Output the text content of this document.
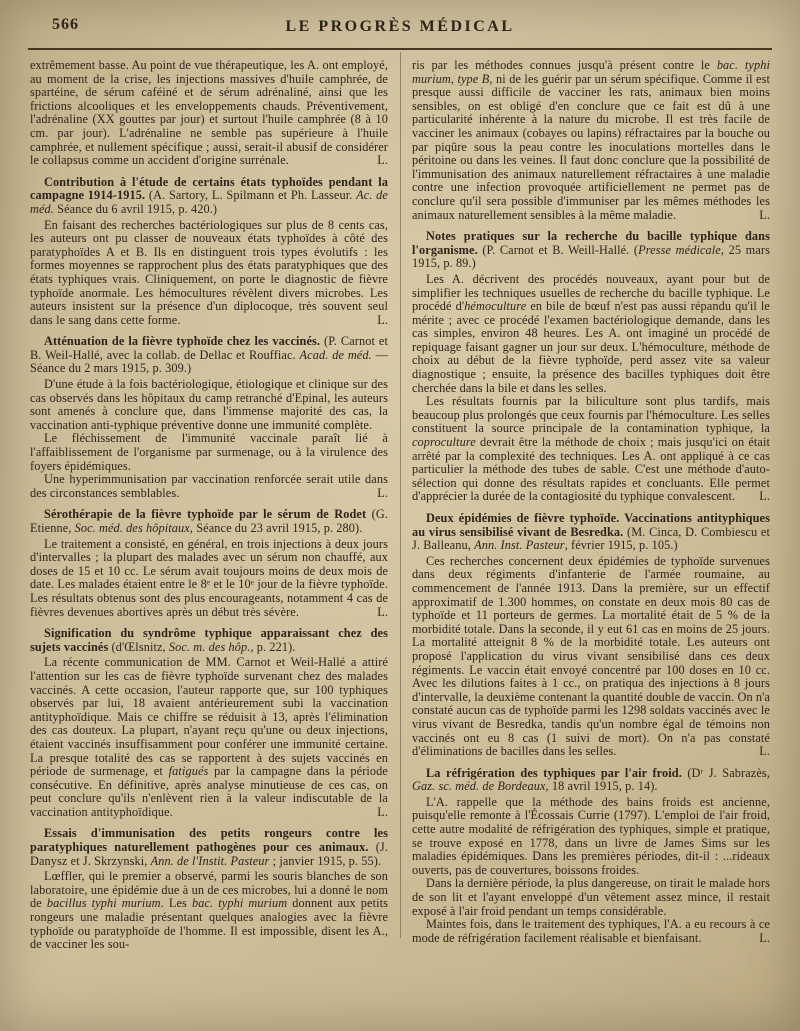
566	LE PROGRÈS MÉDICAL

extrêmement basse. Au point de vue thérapeutique, les A. ont employé, au moment de la crise, les injections massives d'huile camphrée, de spartéine, de sérum caféiné et de sérum adrénaliné, ainsi que les frictions alcooliques et les enveloppements chauds. Préventivement, l'adrénaline (XX gouttes par jour) et surtout l'huile camphrée (8 à 10 cm. par jour). L'adrénaline ne semble pas supérieure à l'huile camphrée, et nullement spécifique ; aussi, serait-il abusif de considérer le collapsus comme un accident d'origine surrénale.	L.

Contribution à l'étude de certains états typhoïdes pendant la campagne 1914-1915. (A. Sartory, L. Spilmann et Ph. Lasseur. Ac. de méd. Séance du 6 avril 1915, p. 420.)

En faisant des recherches bactériologiques sur plus de 8 cents cas, les auteurs ont pu classer de nouveaux états typhoïdes à côté des paratyphoïdes A et B. Ils en distinguent trois types évolutifs : les formes moyennes se rapprochent plus des états paratyphiques que des états typhiques vrais. Cliniquement, on porte le diagnostic de fièvre typhoïde anormale. Les hémocultures révèlent divers microbes. Les auteurs insistent sur la présence d'un diplocoque, très souvent seul dans le sang dans cette forme.	L.

Atténuation de la fièvre typhoïde chez les vaccinés. (P. Carnot et B. Weil-Hallé, avec la collab. de Dellac et Rouffiac. Acad. de méd. — Séance du 2 mars 1915, p. 309.)

D'une étude à la fois bactériologique, étiologique et clinique sur des cas observés dans les hôpitaux du camp retranché d'Epinal, les auteurs sont amenés à conclure que, dans l'immense majorité des cas, la vaccination anti-typhique préventive donne une immunité complète.

Le fléchissement de l'immunité vaccinale paraît lié à l'affaiblissement de l'organisme par surmenage, ou à la virulence des foyers épidémiques.

Une hyperimmunisation par vaccination renforcée serait utile dans des circonstances semblables.	L.

Sérothérapie de la fièvre typhoïde par le sérum de Rodet (G. Etienne, Soc. méd. des hôpitaux, Séance du 23 avril 1915, p. 280).

Le traitement a consisté, en général, en trois injections à deux jours d'intervalles ; la plupart des malades avec un sérum non chauffé, aux doses de 15 et 10 cc. Le sérum avait toujours moins de deux mois de date. Les malades étaient entre le 8ᵉ et le 10ᵉ jour de la fièvre typhoïde. Les résultats obtenus sont des plus encourageants, notamment 4 cas de fièvres devenues abortives après un début très sévère.	L.

Signification du syndrôme typhique apparaissant chez des sujets vaccinés (d'Œlsnitz, Soc. m. des hôp., p. 221).

La récente communication de MM. Carnot et Weil-Hallé a attiré l'attention sur les cas de fièvre typhoïde survenant chez des malades vaccinés. A cette occasion, l'auteur rapporte que, sur 100 typhiques observés par lui, 18 avaient antérieurement subi la vaccination antityphoïdique. Mais ce chiffre se réduisit à 13, après l'élimination des cas douteux. La plupart, n'ayant reçu qu'une ou deux injections, étaient vaccinés insuffisamment pour conférer une immunité certaine. La presque totalité des cas se rapportent à des sujets vaccinés en période de surmenage, et fatigués par la campagne dans la période consécutive. En définitive, après analyse minutieuse de ces cas, on peut conclure qu'ils n'enlèvent rien à la valeur indiscutable de la vaccination antityphoïdique.	L.

Essais d'immunisation des petits rongeurs contre les paratyphiques naturellement pathogènes pour ces animaux. (J. Danysz et J. Skrzynski, Ann. de l'Instit. Pasteur ; janvier 1915, p. 55).

Lœffler, qui le premier a observé, parmi les souris blanches de son laboratoire, une épidémie due à un de ces microbes, lui a donné le nom de bacillus typhi murium. Les bac. typhi murium donnent aux petits rongeurs une maladie présentant quelques analogies avec la fièvre typhoïde ou paratyphoïde de l'homme. Il est impossible, disent les A., de vacciner les sou-

ris par les méthodes connues jusqu'à présent contre le bac. typhi murium, type B, ni de les guérir par un sérum spécifique. Comme il est presque aussi difficile de vacciner les rats, animaux bien moins sensibles, on est obligé d'en conclure que ce fait est dû à une particularité inhérente à la nature du microbe. Il est très facile de vacciner les animaux (cobayes ou lapins) réfractaires par la bouche ou par piqûre sous la peau contre les inoculations mortelles dans le péritoine ou dans les veines. Il faut donc conclure que la possibilité de l'immunisation des animaux naturellement réfractaires à une maladie contre une infection provoquée artificiellement ne permet pas de conclure qu'il sera possible d'immuniser par les mêmes méthodes les animaux naturellement sensibles à la même maladie.	L.

Notes pratiques sur la recherche du bacille typhique dans l'organisme. (P. Carnot et B. Weill-Hallé. (Presse médicale, 25 mars 1915, p. 89.)

Les A. décrivent des procédés nouveaux, ayant pour but de simplifier les techniques usuelles de recherche du bacille typhique. Le procédé d'hémoculture en bile de bœuf n'est pas aussi répandu qu'il le mérite ; avec ce procédé l'examen bactériologique demande, dans les cas simples, environ 48 heures. Les A. ont imaginé un procédé de repiquage faisant gagner un jour sur deux. L'hémoculture, méthode de choix au début de la fièvre typhoïde, perd assez vite sa valeur diagnostique ; ensuite, la présence des bacilles typhiques doit être cherchée dans la bile et dans les selles.

Les résultats fournis par la biliculture sont plus tardifs, mais beaucoup plus prolongés que ceux fournis par l'hémoculture. Les selles constituent la source principale de la contamination typhique, la coproculture devrait être la méthode de choix ; mais jusqu'ici on était arrêté par la complexité des techniques. Les A. ont appliqué à ce cas particulier la méthode des tubes de sable. C'est une méthode d'auto-sélection qui donne des résultats rapides et concluants. Elle permet d'apprécier la durée de la contagiosité du typhique convalescent.	L.

Deux épidémies de fièvre typhoïde. Vaccinations antityphiques au virus sensibilisé vivant de Besredka. (M. Cinca, D. Combiescu et J. Balleanu, Ann. Inst. Pasteur, février 1915, p. 105.)

Ces recherches concernent deux épidémies de typhoïde survenues dans deux régiments d'infanterie de l'armée roumaine, au commencement de l'année 1913. Dans la première, sur un effectif approximatif de 1.300 hommes, on constate en deux mois 80 cas de typhoïde et 11 porteurs de germes. La mortalité était de 5 % de la morbidité totale. Dans la seconde, il y eut 61 cas en moins de 25 jours. La mortalité atteignit 8 % de la morbidité totale. Les auteurs ont proposé l'application du virus vivant sensibilisé dans ces deux régiments. Le vaccin était envoyé concentré par 100 doses en 10 cc. Avec les dilutions faites à 1 cc., on pratiqua des injections à 8 jours d'intervalle, la deuxième contenant la quantité double de vaccin. On n'a constaté aucun cas de typhoïde parmi les 1298 soldats vaccinés avec le virus vivant de Besredka, tandis qu'un nombre égal de témoins non vaccinés ont eu 8 cas (1 suivi de mort). On n'a pas constaté d'éliminations de bacilles dans les selles.	L.

La réfrigération des typhiques par l'air froid. (Dʳ J. Sabrazès, Gaz. sc. méd. de Bordeaux, 18 avril 1915, p. 14).

L'A. rappelle que la méthode des bains froids est ancienne, puisqu'elle remonte à l'Écossais Currie (1797). L'emploi de l'air froid, cette autre modalité de réfrigération des typhiques, simple et pratique, se trouve exposé en 1778, dans un livre de James Sims sur les maladies épidémiques. Dans les premières périodes, dit-il : ...rideaux ouverts, pas de couvertures, boissons froides.

Dans la dernière période, la plus dangereuse, on tirait le malade hors de son lit et l'ayant enveloppé d'un vêtement assez mince, il restait exposé à l'air froid pendant un temps considérable.

Maintes fois, dans le traitement des typhiques, l'A. a eu recours à ce mode de réfrigération facilement réalisable et bienfaisant.	L.
